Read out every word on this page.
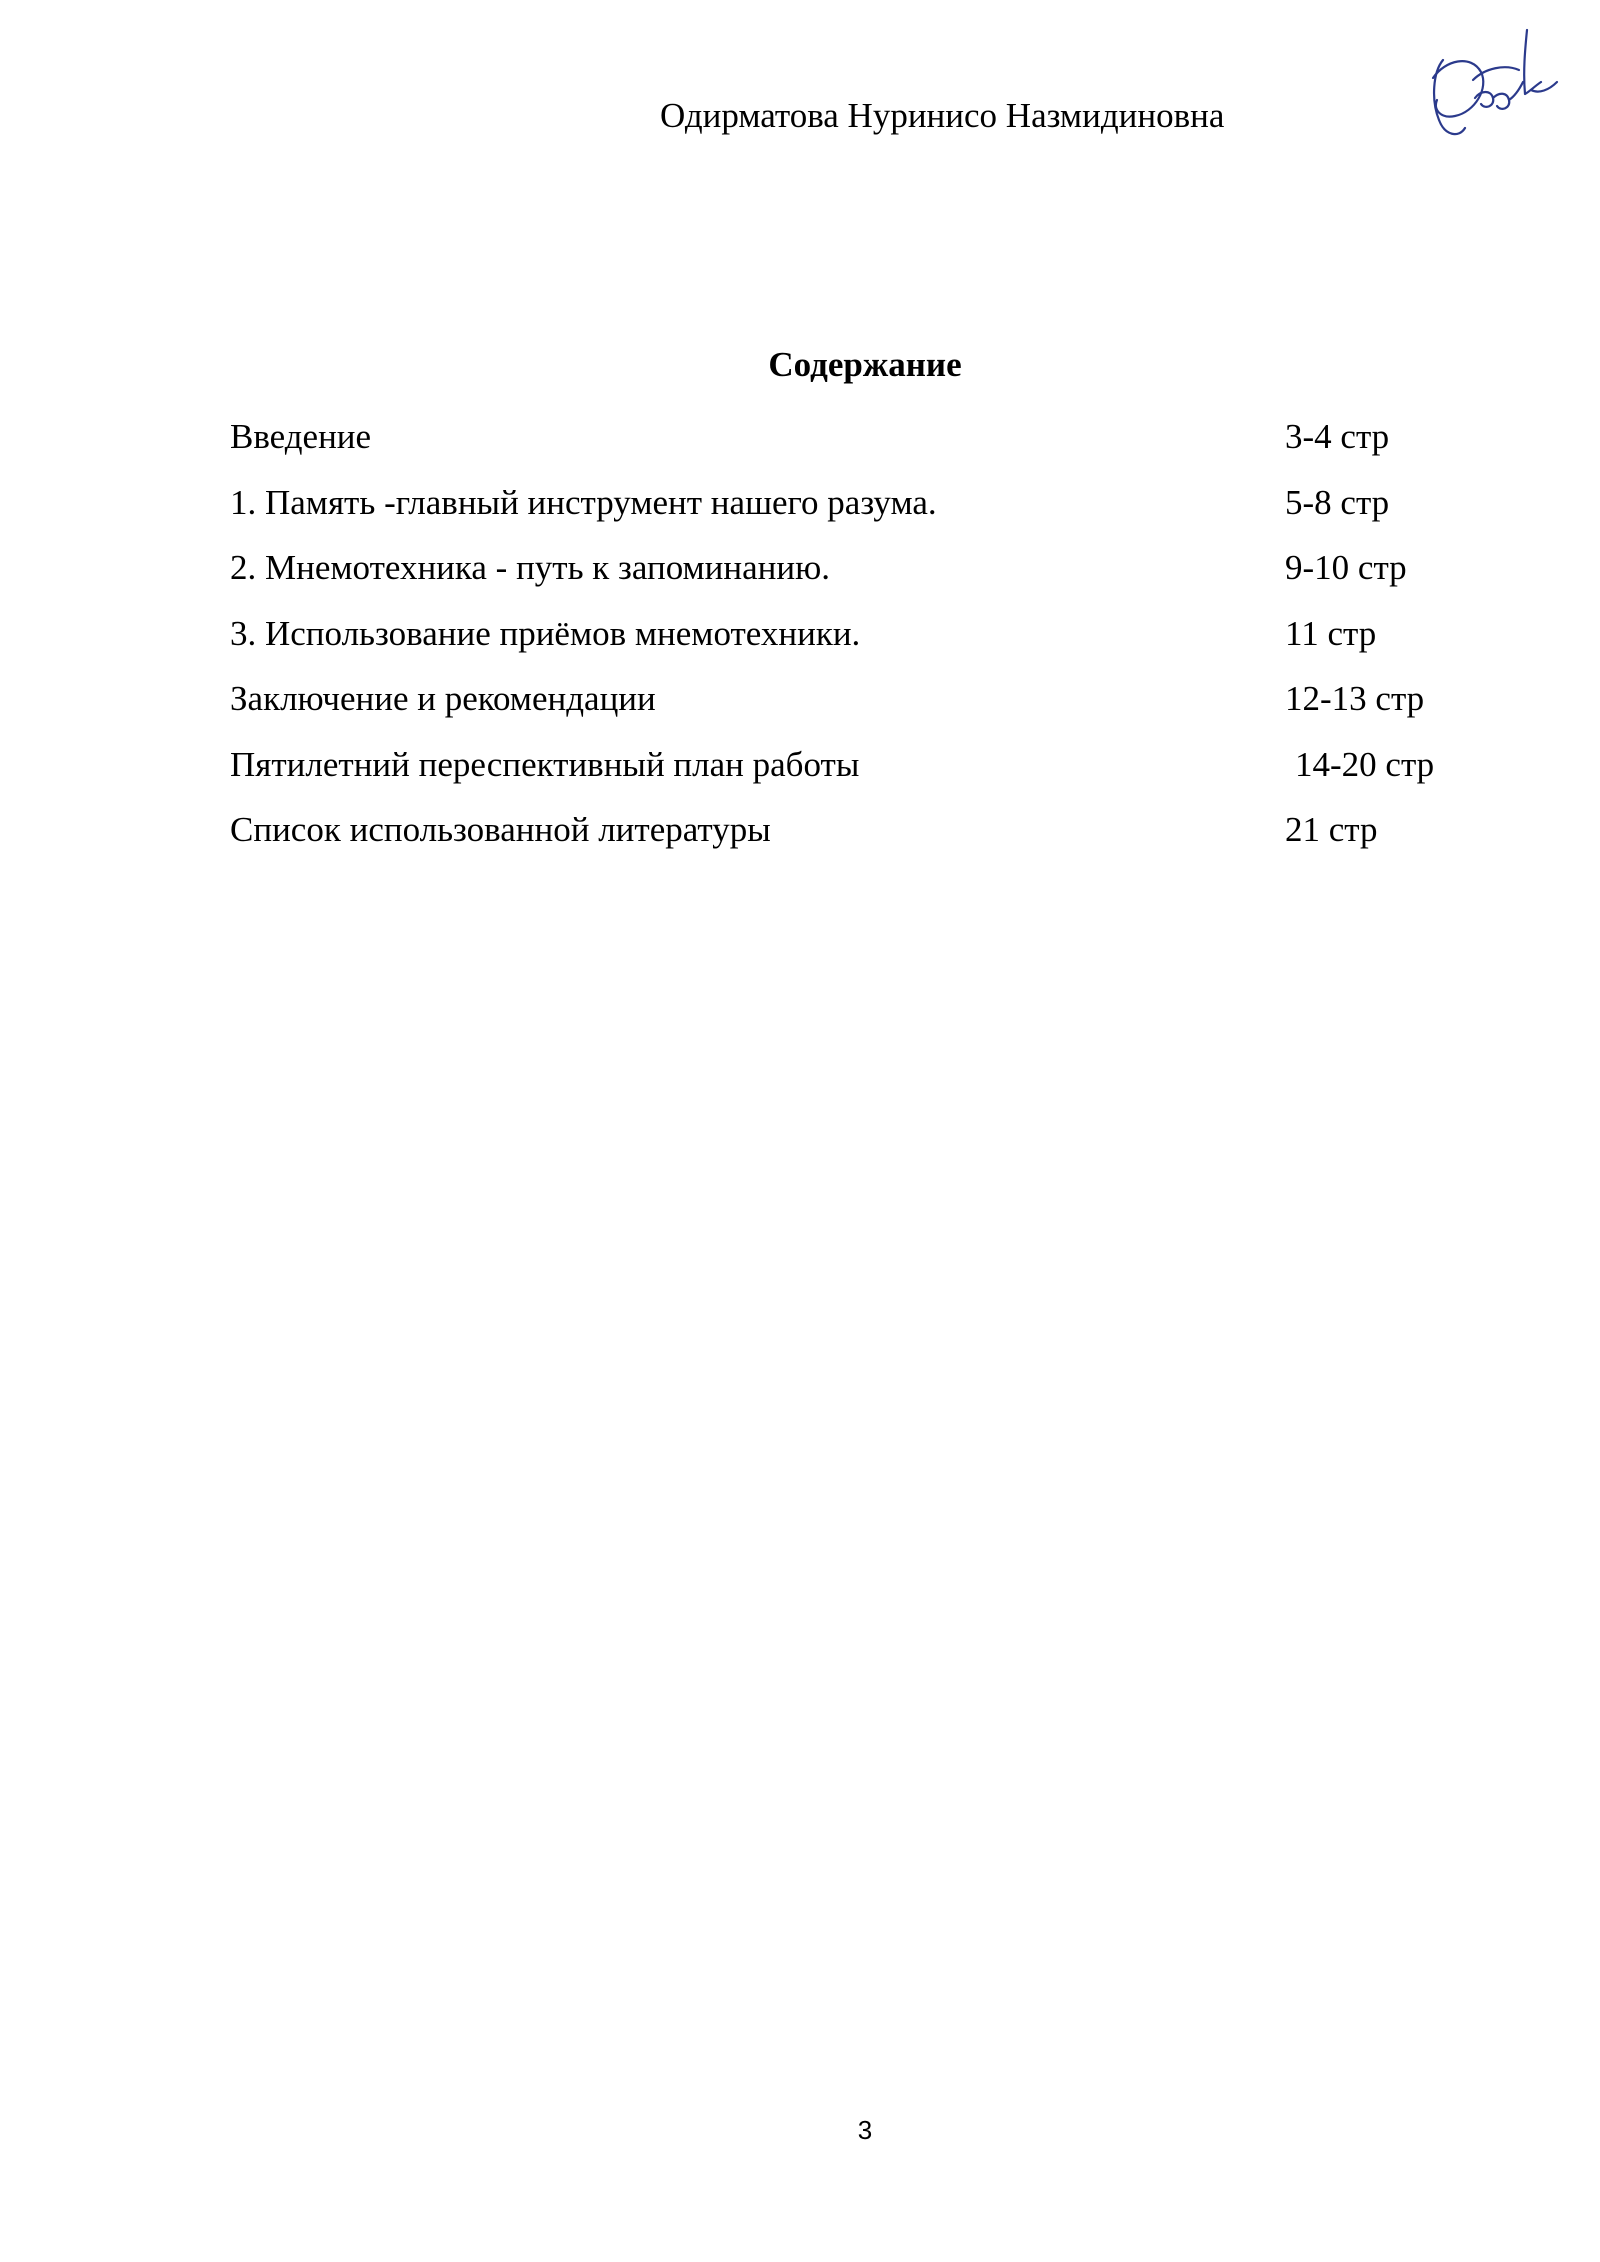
Одирматова Нуринисо Назмидиновна
Содержание
Введение	3-4 стр
1. Память -главный инструмент нашего разума.	5-8 стр
2. Мнемотехника - путь к запоминанию.	9-10 стр
3. Использование приёмов мнемотехники.	11 стр
Заключение и рекомендации	12-13 стр
Пятилетний переспективный план работы	14-20 стр
Список использованной литературы	21 стр
3
